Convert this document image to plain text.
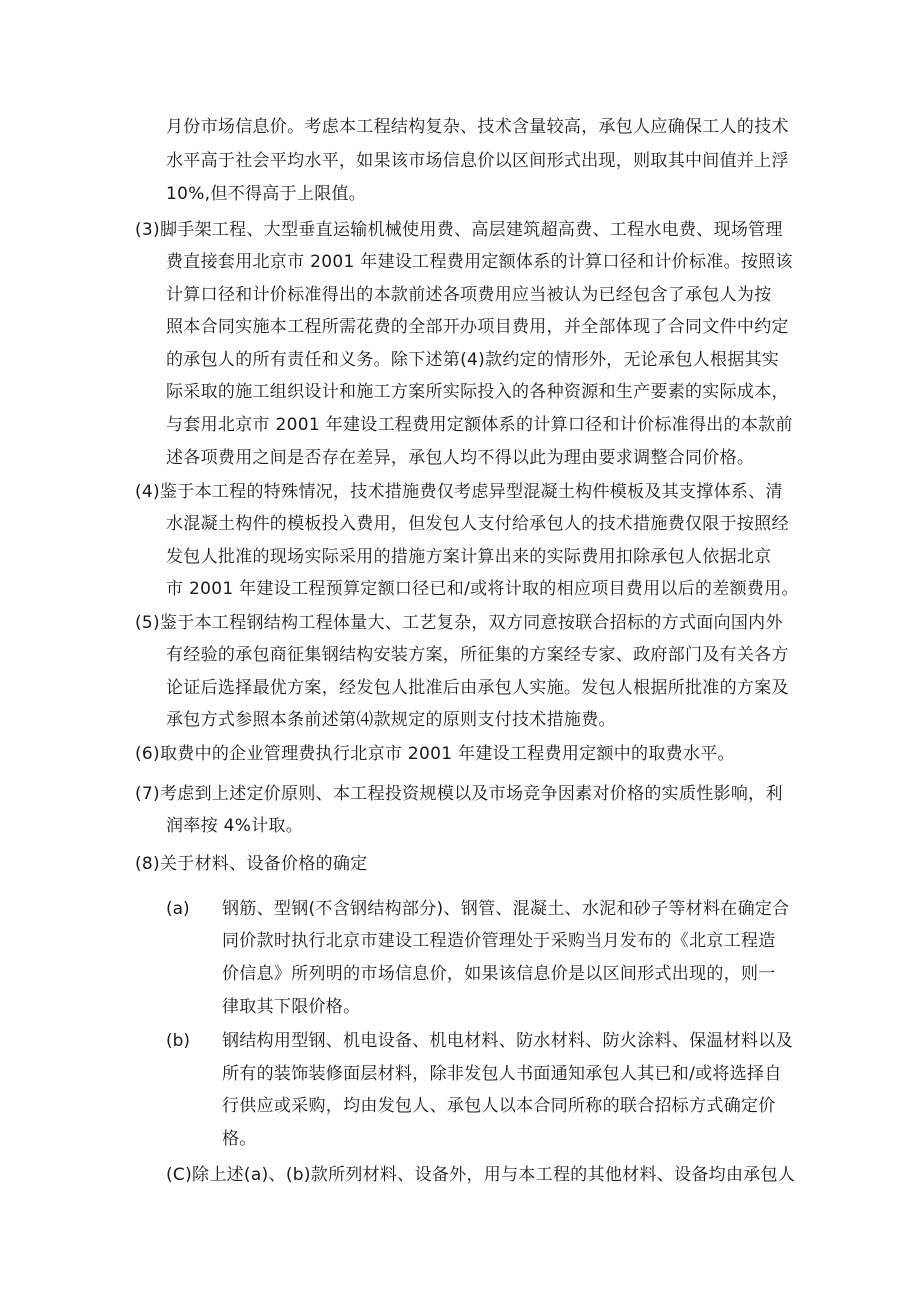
月份市场信息价。考虑本工程结构复杂、技术含量较高，承包人应确保工人的技术

水平高于社会平均水平，如果该市场信息价以区间形式出现，则取其中间值并上浮

10%,但不得高于上限值。

(3)脚手架工程、大型垂直运输机械使用费、高层建筑超高费、工程水电费、现场管理

费直接套用北京市 2001 年建设工程费用定额体系的计算口径和计价标准。按照该

计算口径和计价标准得出的本款前述各项费用应当被认为已经包含了承包人为按

照本合同实施本工程所需花费的全部开办项目费用，并全部体现了合同文件中约定

的承包人的所有责任和义务。除下述第(4)款约定的情形外，无论承包人根据其实

际采取的施工组织设计和施工方案所实际投入的各种资源和生产要素的实际成本，

与套用北京市 2001 年建设工程费用定额体系的计算口径和计价标准得出的本款前

述各项费用之间是否存在差异，承包人均不得以此为理由要求调整合同价格。

(4)鉴于本工程的特殊情况，技术措施费仅考虑异型混凝土构件模板及其支撑体系、清

水混凝土构件的模板投入费用，但发包人支付给承包人的技术措施费仅限于按照经

发包人批准的现场实际采用的措施方案计算出来的实际费用扣除承包人依据北京

市 2001 年建设工程预算定额口径已和/或将计取的相应项目费用以后的差额费用。

(5)鉴于本工程钢结构工程体量大、工艺复杂，双方同意按联合招标的方式面向国内外

有经验的承包商征集钢结构安装方案，所征集的方案经专家、政府部门及有关各方

论证后选择最优方案，经发包人批准后由承包人实施。发包人根据所批准的方案及

承包方式参照本条前述第⑷款规定的原则支付技术措施费。

(6)取费中的企业管理费执行北京市 2001 年建设工程费用定额中的取费水平。

(7)考虑到上述定价原则、本工程投资规模以及市场竞争因素对价格的实质性影响，利

润率按 4%计取。

(8)关于材料、设备价格的确定

(a) 钢筋、型钢(不含钢结构部分)、钢管、混凝土、水泥和砂子等材料在确定合

同价款时执行北京市建设工程造价管理处于采购当月发布的《北京工程造

价信息》所列明的市场信息价，如果该信息价是以区间形式出现的，则一

律取其下限价格。

(b) 钢结构用型钢、机电设备、机电材料、防水材料、防火涂料、保温材料以及

所有的装饰装修面层材料，除非发包人书面通知承包人其已和/或将选择自

行供应或采购，均由发包人、承包人以本合同所称的联合招标方式确定价

格。

(C)除上述(a)、(b)款所列材料、设备外，用与本工程的其他材料、设备均由承包人
